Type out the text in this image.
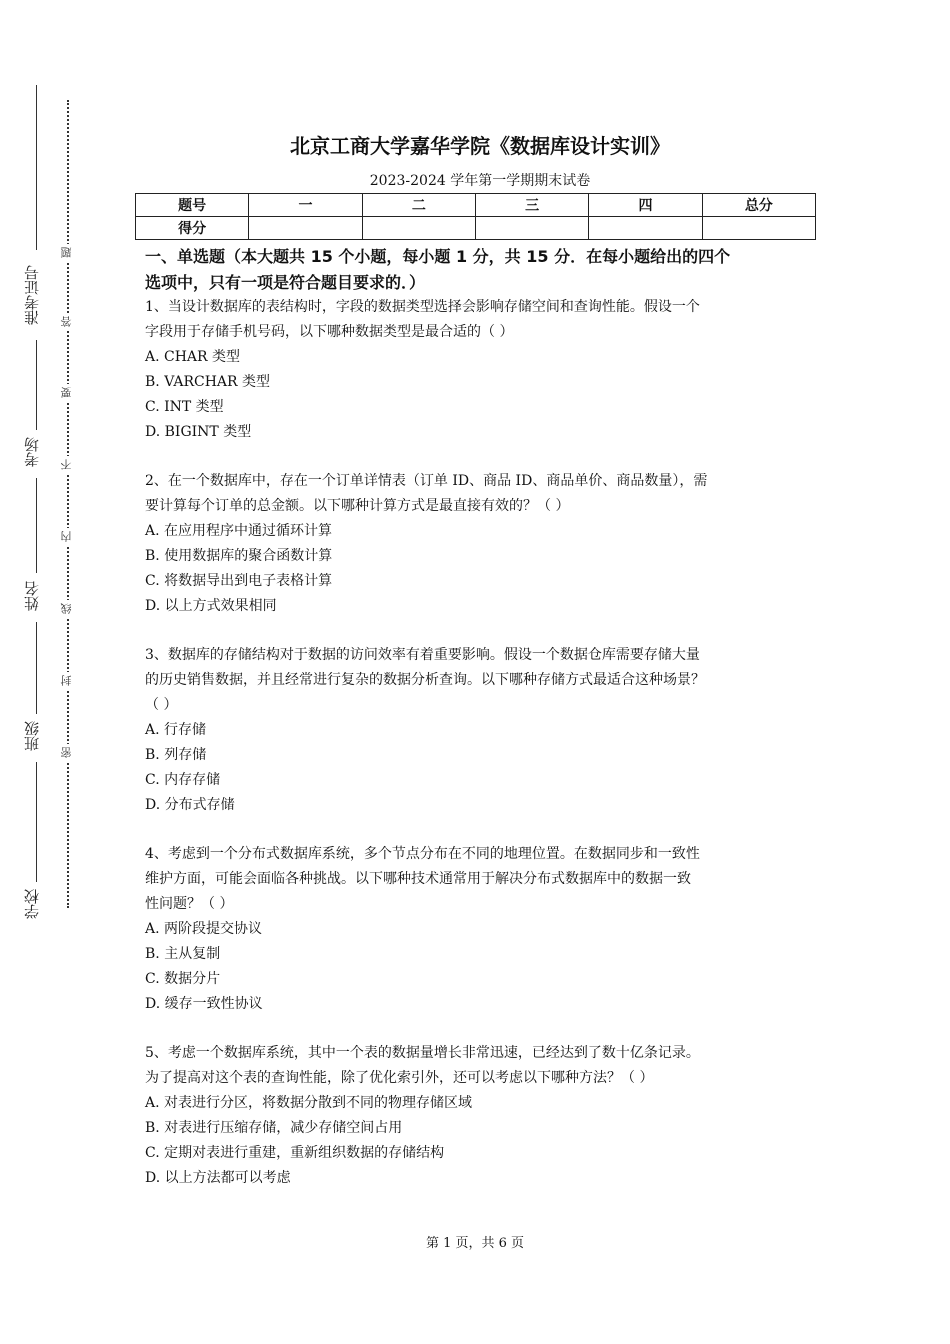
准考证号
考场
姓名
班级
学校
题
答
要
不
内
线
封
密
北京工商大学嘉华学院《数据库设计实训》
2023-2024 学年第一学期期末试卷
题号	一	二	三	四	总分
得分					
一、单选题（本大题共 15 个小题，每小题 1 分，共 15 分．在每小题给出的四个
选项中，只有一项是符合题目要求的．）
1、当设计数据库的表结构时，字段的数据类型选择会影响存储空间和查询性能。假设一个
字段用于存储手机号码，以下哪种数据类型是最合适的（ ）
A. CHAR 类型
B. VARCHAR 类型
C. INT 类型
D. BIGINT 类型
2、在一个数据库中，存在一个订单详情表（订单 ID、商品 ID、商品单价、商品数量），需
要计算每个订单的总金额。以下哪种计算方式是最直接有效的？（ ）
A. 在应用程序中通过循环计算
B. 使用数据库的聚合函数计算
C. 将数据导出到电子表格计算
D. 以上方式效果相同
3、数据库的存储结构对于数据的访问效率有着重要影响。假设一个数据仓库需要存储大量
的历史销售数据，并且经常进行复杂的数据分析查询。以下哪种存储方式最适合这种场景？
（ ）
A. 行存储
B. 列存储
C. 内存存储
D. 分布式存储
4、考虑到一个分布式数据库系统，多个节点分布在不同的地理位置。在数据同步和一致性
维护方面，可能会面临各种挑战。以下哪种技术通常用于解决分布式数据库中的数据一致
性问题？（ ）
A. 两阶段提交协议
B. 主从复制
C. 数据分片
D. 缓存一致性协议
5、考虑一个数据库系统，其中一个表的数据量增长非常迅速，已经达到了数十亿条记录。
为了提高对这个表的查询性能，除了优化索引外，还可以考虑以下哪种方法？（ ）
A. 对表进行分区，将数据分散到不同的物理存储区域
B. 对表进行压缩存储，减少存储空间占用
C. 定期对表进行重建，重新组织数据的存储结构
D. 以上方法都可以考虑
第 1 页，共 6 页
